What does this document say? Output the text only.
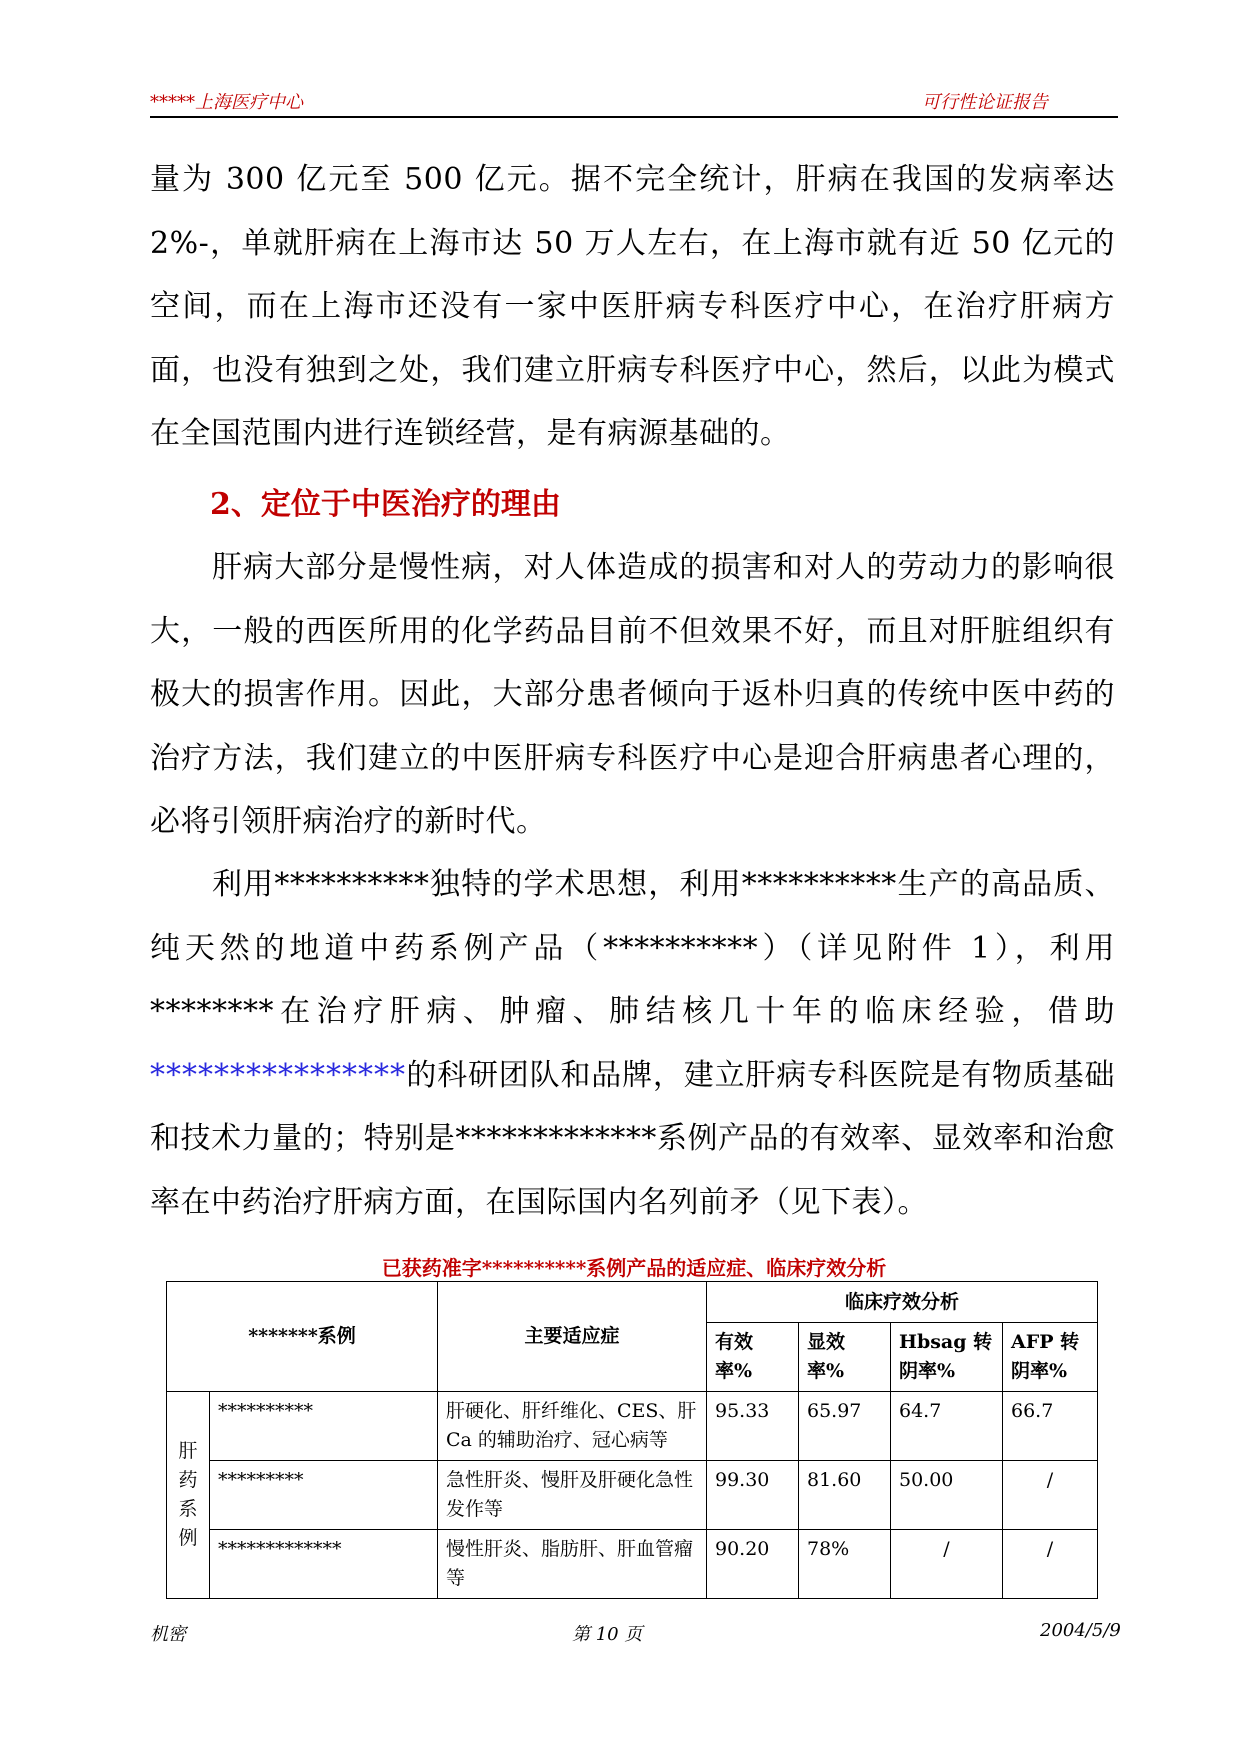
*****上海医疗中心	可行性论证报告
量为 300 亿元至 500 亿元。据不完全统计，肝病在我国的发病率达 2%-，单就肝病在上海市达 50 万人左右，在上海市就有近 50 亿元的空间，而在上海市还没有一家中医肝病专科医疗中心，在治疗肝病方面，也没有独到之处，我们建立肝病专科医疗中心，然后，以此为模式在全国范围内进行连锁经营，是有病源基础的。
2、定位于中医治疗的理由
肝病大部分是慢性病，对人体造成的损害和对人的劳动力的影响很大，一般的西医所用的化学药品目前不但效果不好，而且对肝脏组织有极大的损害作用。因此，大部分患者倾向于返朴归真的传统中医中药的治疗方法，我们建立的中医肝病专科医疗中心是迎合肝病患者心理的，必将引领肝病治疗的新时代。
利用**********独特的学术思想，利用**********生产的高品质、纯天然的地道中药系例产品（**********）（详见附件 1），利用********在治疗肝病、肿瘤、肺结核几十年的临床经验，借助****************的科研团队和品牌，建立肝病专科医院是有物质基础和技术力量的；特别是*************系例产品的有效率、显效率和治愈率在中药治疗肝病方面，在国际国内名列前矛（见下表）。
已获药准字**********系例产品的适应症、临床疗效分析
*******系例		主要适应症	临床疗效分析			
			有效率%	显效率%	Hbsag 转阴率%	AFP 转阴率%

肝
药
系
例	**********	肝硬化、肝纤维化、CES、肝Ca 的辅助治疗、冠心病等	95.33	65.97	64.7	66.7
	*********	急性肝炎、慢肝及肝硬化急性发作等	99.30	81.60	50.00	/
	*************	慢性肝炎、脂肪肝、肝血管瘤等	90.20	78%	/	/
机密	第 10 页	2004/5/9
